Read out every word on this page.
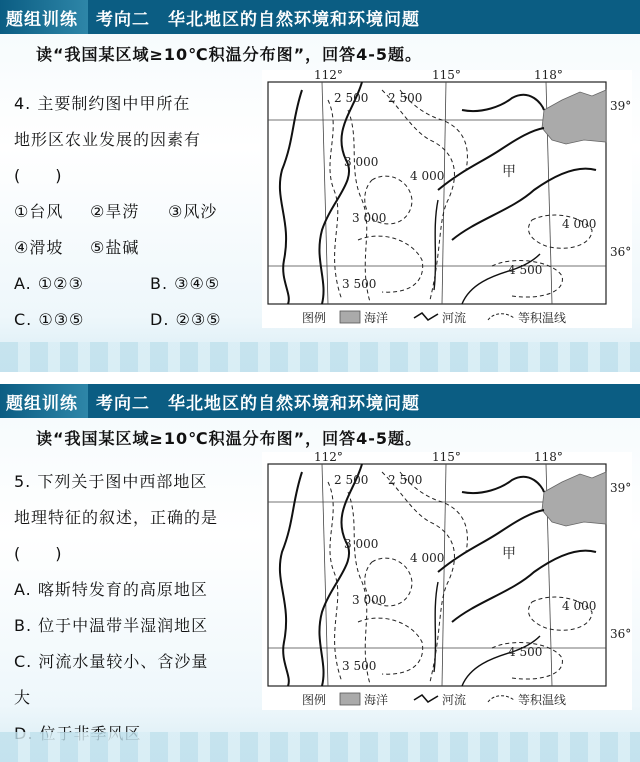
题组训练	考向二　华北地区的自然环境和环境问题
读“我国某区域≥10℃积温分布图”，回答4-5题。
4. 主要制约图中甲所在
地形区农业发展的因素有
(　　)
①台风	②旱涝	③风沙
④滑坡	⑤盐碱
A. ①②③	B. ③④⑤
C. ①③⑤	D. ②③⑤
112°	115°	118°
39°
36°
2 500 2 500
3 000
4 000
3 000	4 000
4 500
3 500
甲
图例	海洋	河流	等积温线
题组训练	考向二　华北地区的自然环境和环境问题
读“我国某区域≥10℃积温分布图”，回答4-5题。
5. 下列关于图中西部地区
地理特征的叙述，正确的是
(　　)
A. 喀斯特发育的高原地区
B. 位于中温带半湿润地区
C. 河流水量较小、含沙量
大
112°	115°	118°
39°
36°
2 500 2 500
3 000
4 000
3 000	4 000
4 500
3 500
甲
图例	海洋	河流	等积温线
